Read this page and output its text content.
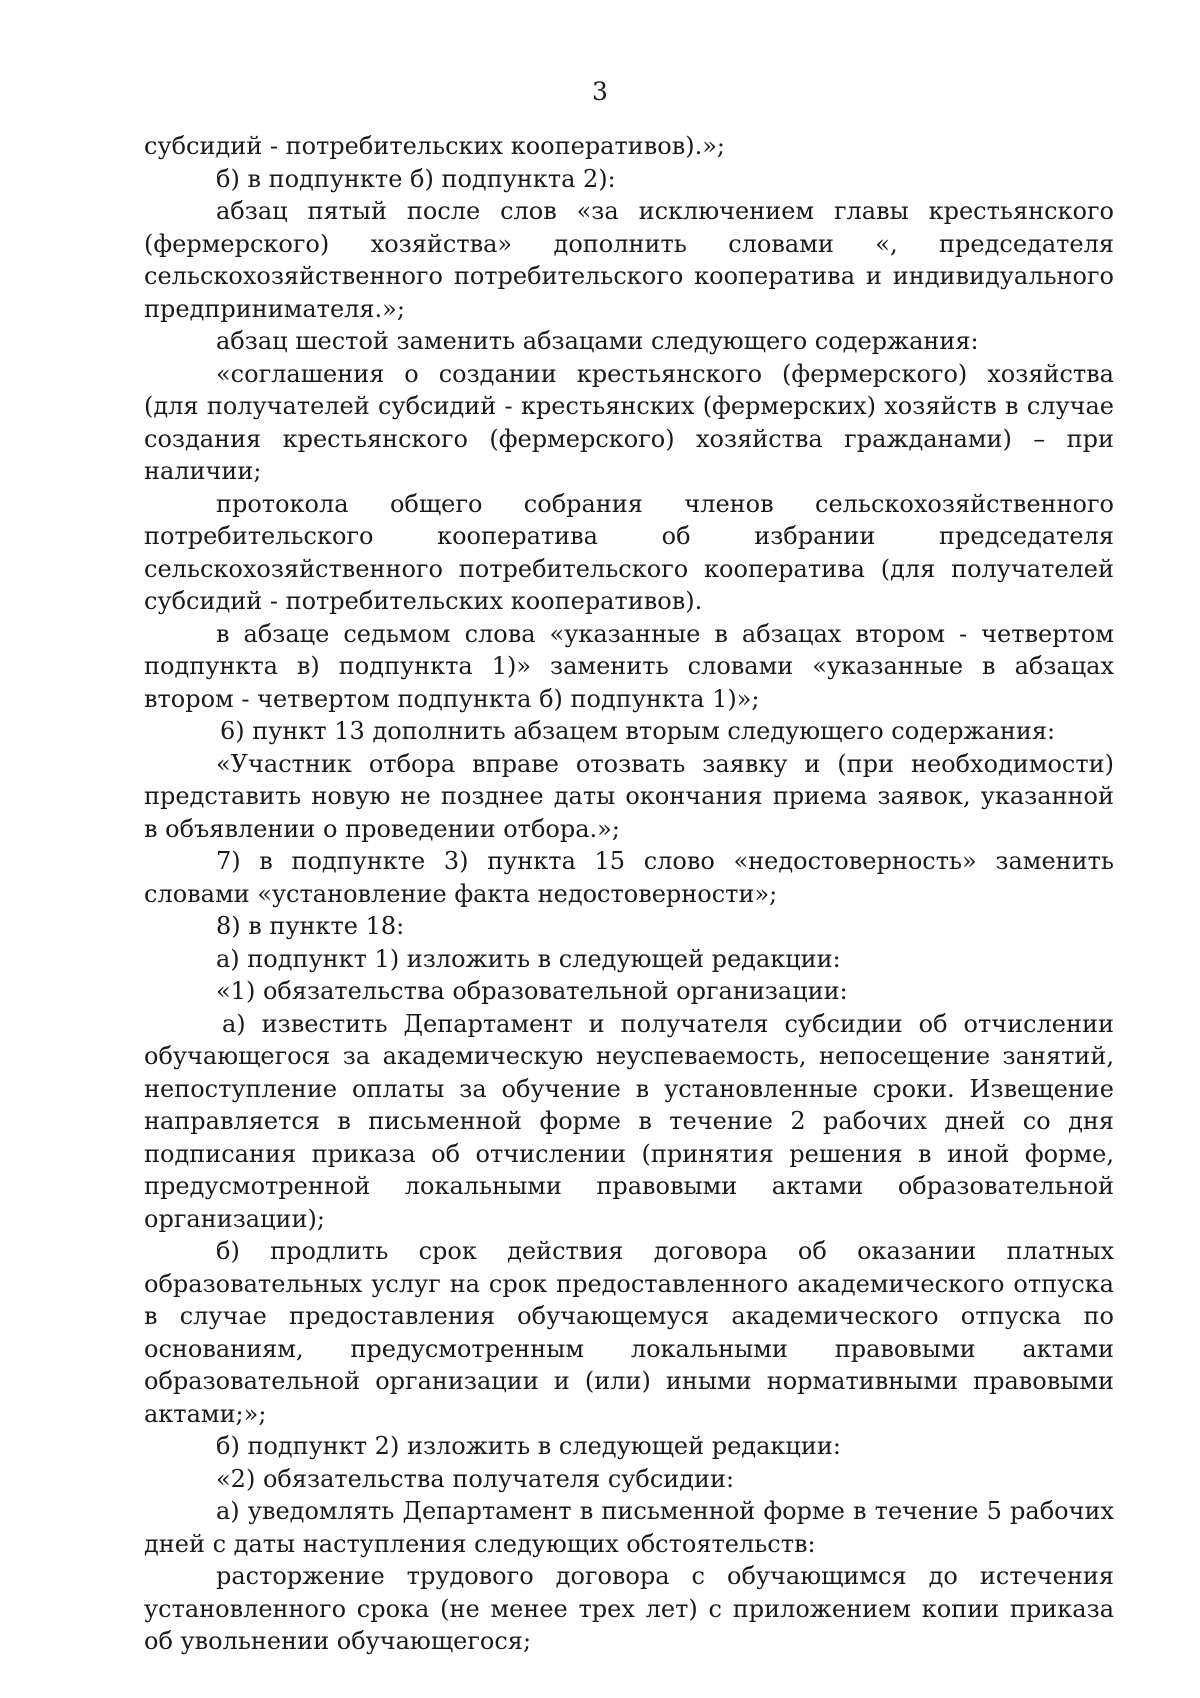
3

субсидий - потребительских кооперативов).»;

б) в подпункте б) подпункта 2):

абзац пятый после слов «за исключением главы крестьянского (фермерского) хозяйства» дополнить словами «, председателя сельскохозяйственного потребительского кооператива и индивидуального предпринимателя.»;

абзац шестой заменить абзацами следующего содержания:

«соглашения о создании крестьянского (фермерского) хозяйства (для получателей субсидий - крестьянских (фермерских) хозяйств в случае создания крестьянского (фермерского) хозяйства гражданами) – при наличии;

протокола общего собрания членов сельскохозяйственного потребительского кооператива об избрании председателя сельскохозяйственного потребительского кооператива (для получателей субсидий - потребительских кооперативов).

в абзаце седьмом слова «указанные в абзацах втором - четвертом подпункта в) подпункта 1)» заменить словами «указанные в абзацах втором - четвертом подпункта б) подпункта 1)»;

6) пункт 13 дополнить абзацем вторым следующего содержания:

«Участник отбора вправе отозвать заявку и (при необходимости) представить новую не позднее даты окончания приема заявок, указанной в объявлении о проведении отбора.»;

7) в подпункте 3) пункта 15 слово «недостоверность» заменить словами «установление факта недостоверности»;

8) в пункте 18:

а) подпункт 1) изложить в следующей редакции:

«1) обязательства образовательной организации:

а) известить Департамент и получателя субсидии об отчислении обучающегося за академическую неуспеваемость, непосещение занятий, непоступление оплаты за обучение в установленные сроки. Извещение направляется в письменной форме в течение 2 рабочих дней со дня подписания приказа об отчислении (принятия решения в иной форме, предусмотренной локальными правовыми актами образовательной организации);

б) продлить срок действия договора об оказании платных образовательных услуг на срок предоставленного академического отпуска в случае предоставления обучающемуся академического отпуска по основаниям, предусмотренным локальными правовыми актами образовательной организации и (или) иными нормативными правовыми актами;»;

б) подпункт 2) изложить в следующей редакции:

«2) обязательства получателя субсидии:

а) уведомлять Департамент в письменной форме в течение 5 рабочих дней с даты наступления следующих обстоятельств:

расторжение трудового договора с обучающимся до истечения установленного срока (не менее трех лет) с приложением копии приказа об увольнении обучающегося;
